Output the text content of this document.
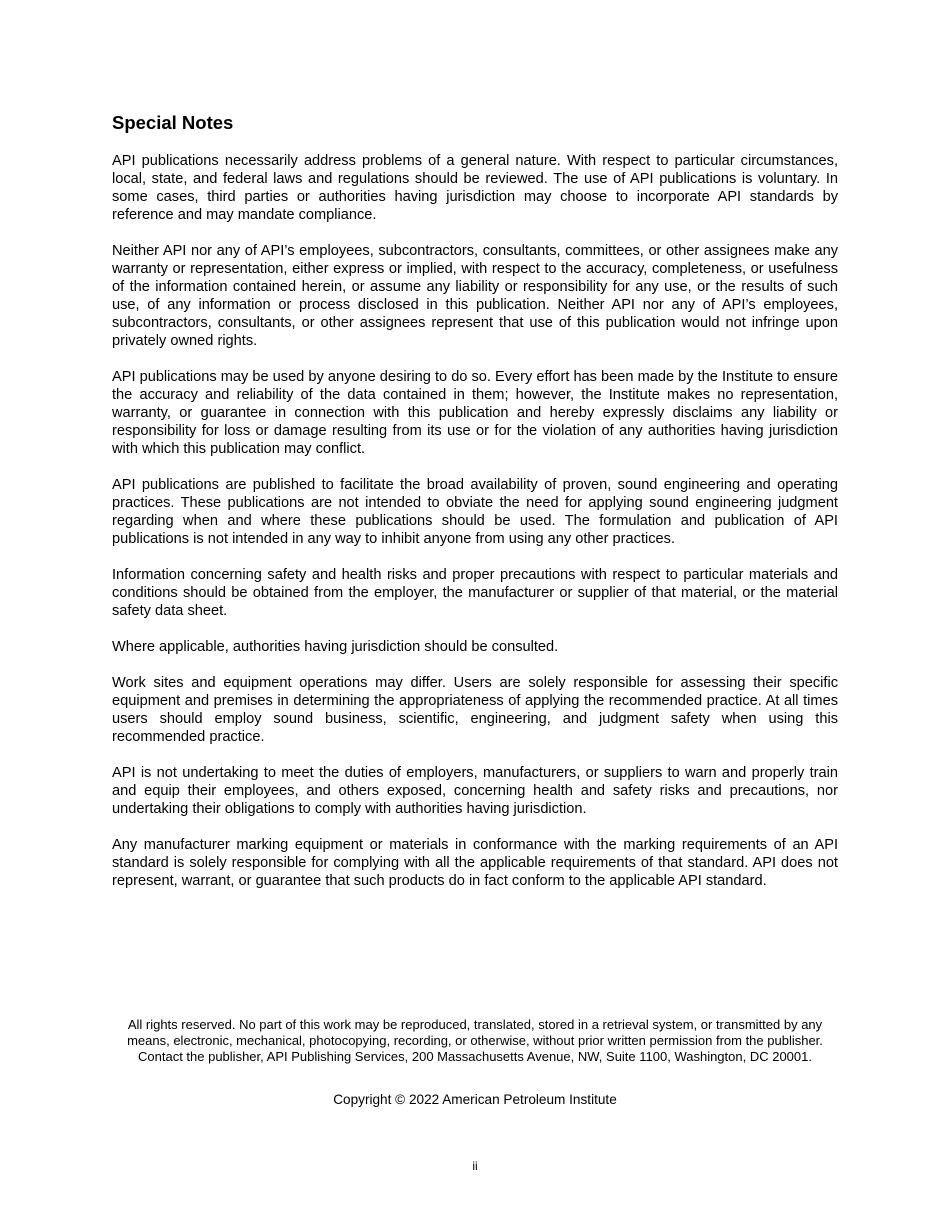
Special Notes

API publications necessarily address problems of a general nature. With respect to particular circumstances, local, state, and federal laws and regulations should be reviewed. The use of API publications is voluntary. In some cases, third parties or authorities having jurisdiction may choose to incorporate API standards by reference and may mandate compliance.

Neither API nor any of API’s employees, subcontractors, consultants, committees, or other assignees make any warranty or representation, either express or implied, with respect to the accuracy, completeness, or usefulness of the information contained herein, or assume any liability or responsibility for any use, or the results of such use, of any information or process disclosed in this publication. Neither API nor any of API’s employees, subcontractors, consultants, or other assignees represent that use of this publication would not infringe upon privately owned rights.

API publications may be used by anyone desiring to do so. Every effort has been made by the Institute to ensure the accuracy and reliability of the data contained in them; however, the Institute makes no representation, warranty, or guarantee in connection with this publication and hereby expressly disclaims any liability or responsibility for loss or damage resulting from its use or for the violation of any authorities having jurisdiction with which this publication may conflict.

API publications are published to facilitate the broad availability of proven, sound engineering and operating practices. These publications are not intended to obviate the need for applying sound engineering judgment regarding when and where these publications should be used. The formulation and publication of API publications is not intended in any way to inhibit anyone from using any other practices.

Information concerning safety and health risks and proper precautions with respect to particular materials and conditions should be obtained from the employer, the manufacturer or supplier of that material, or the material safety data sheet.

Where applicable, authorities having jurisdiction should be consulted.

Work sites and equipment operations may differ. Users are solely responsible for assessing their specific equipment and premises in determining the appropriateness of applying the recommended practice. At all times users should employ sound business, scientific, engineering, and judgment safety when using this recommended practice.

API is not undertaking to meet the duties of employers, manufacturers, or suppliers to warn and properly train and equip their employees, and others exposed, concerning health and safety risks and precautions, nor undertaking their obligations to comply with authorities having jurisdiction.

Any manufacturer marking equipment or materials in conformance with the marking requirements of an API standard is solely responsible for complying with all the applicable requirements of that standard. API does not represent, warrant, or guarantee that such products do in fact conform to the applicable API standard.

All rights reserved. No part of this work may be reproduced, translated, stored in a retrieval system, or transmitted by any means, electronic, mechanical, photocopying, recording, or otherwise, without prior written permission from the publisher. Contact the publisher, API Publishing Services, 200 Massachusetts Avenue, NW, Suite 1100, Washington, DC 20001.

Copyright © 2022 American Petroleum Institute

ii
